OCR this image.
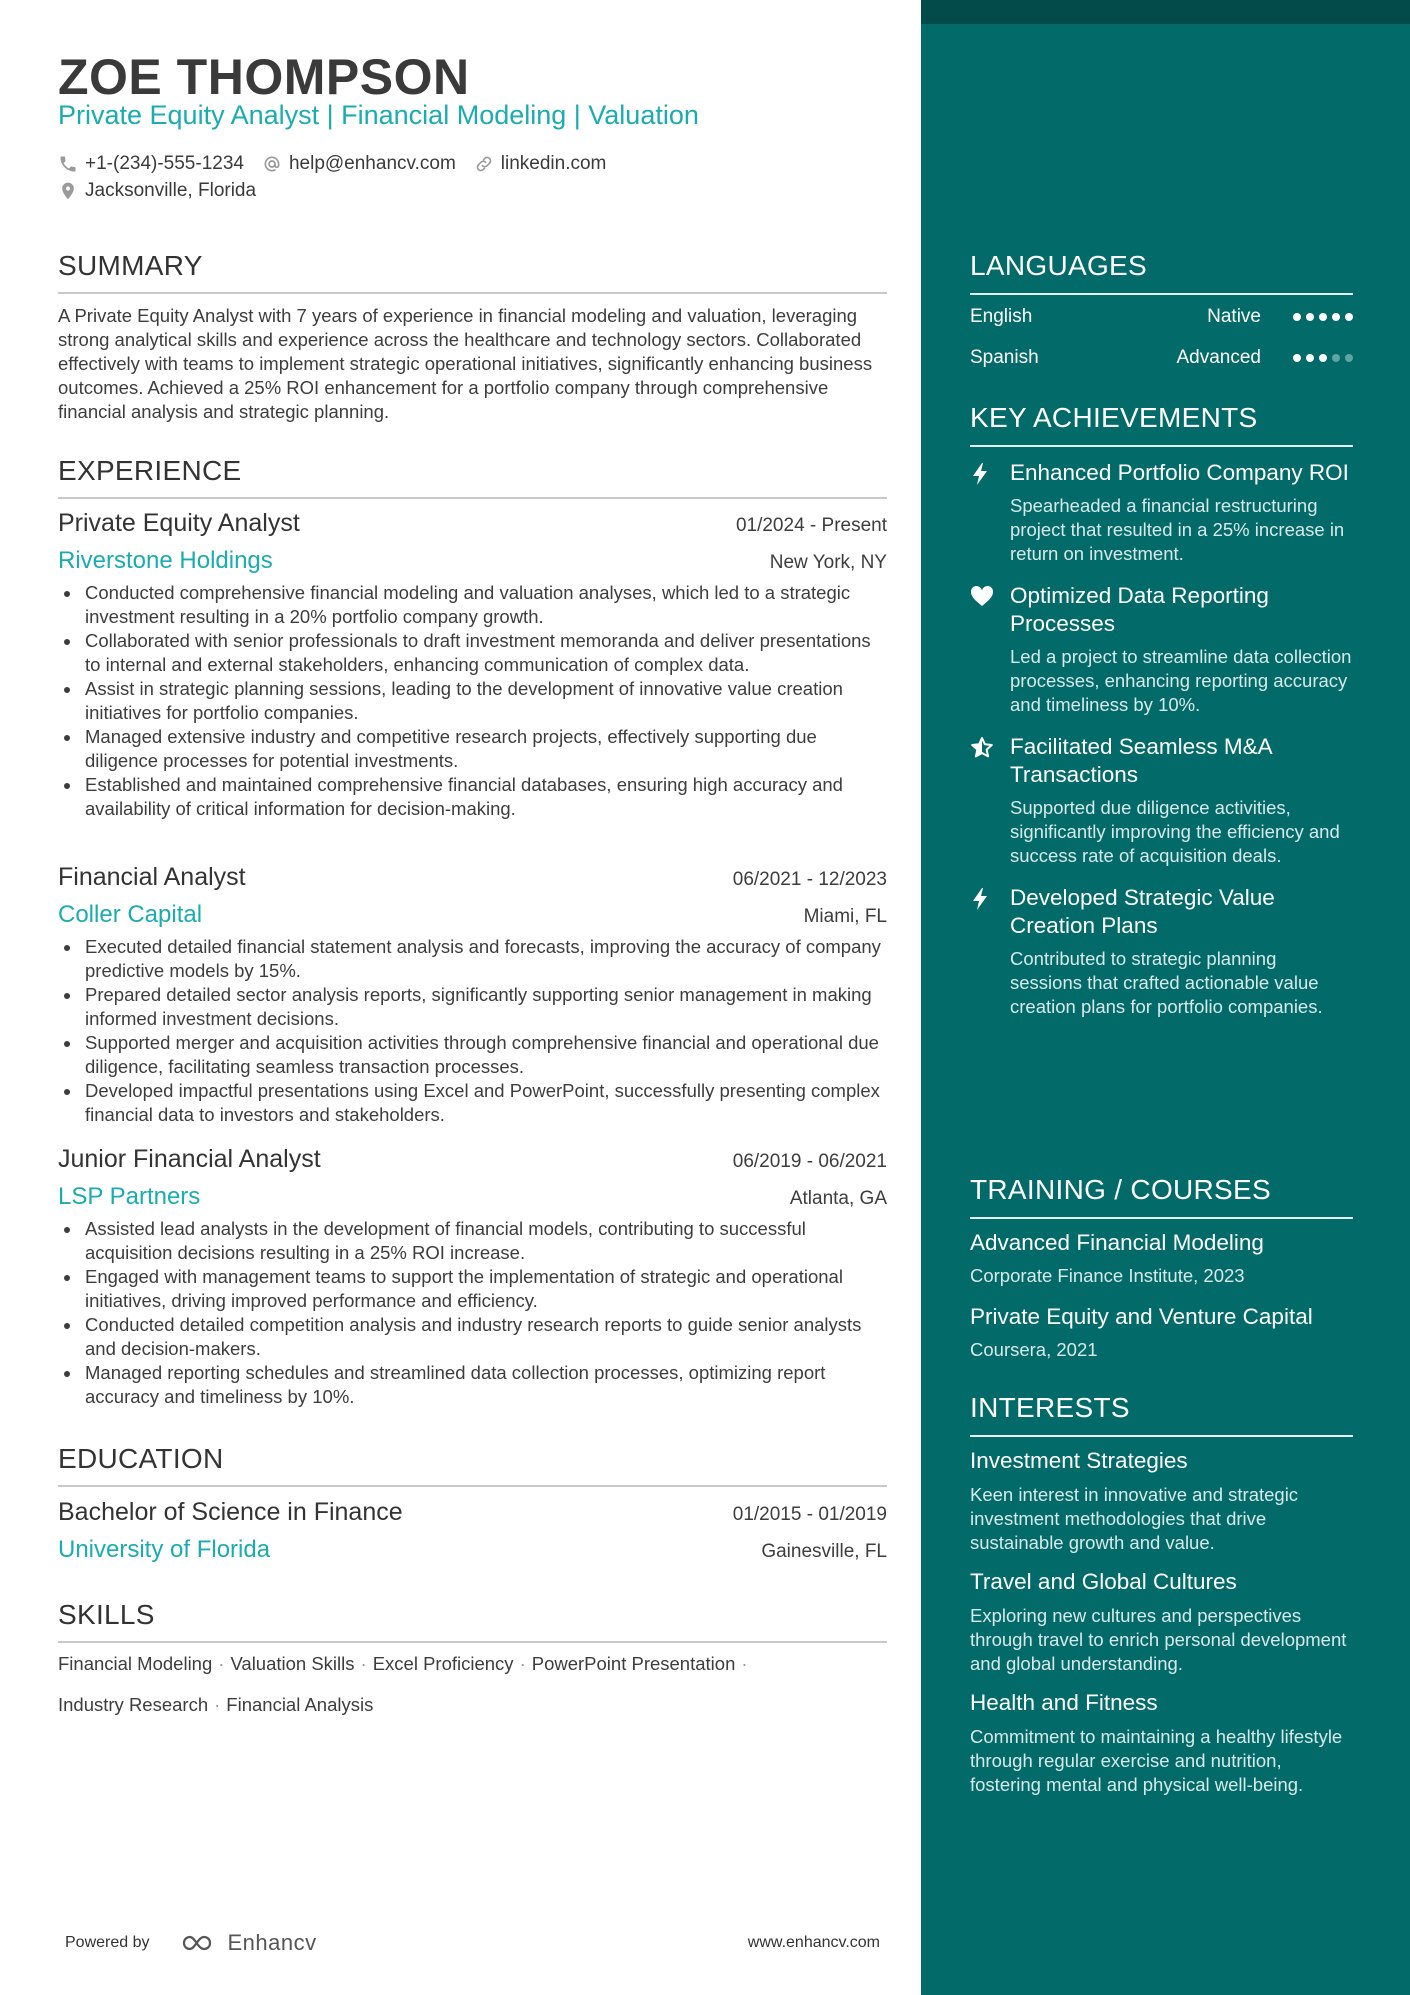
ZOE THOMPSON
Private Equity Analyst | Financial Modeling | Valuation
+1-(234)-555-1234 help@enhancv.com linkedin.com
Jacksonville, Florida
SUMMARY
A Private Equity Analyst with 7 years of experience in financial modeling and valuation, leveraging strong analytical skills and experience across the healthcare and technology sectors. Collaborated effectively with teams to implement strategic operational initiatives, significantly enhancing business outcomes. Achieved a 25% ROI enhancement for a portfolio company through comprehensive financial analysis and strategic planning.
EXPERIENCE
Private Equity Analyst	01/2024 - Present
Riverstone Holdings	New York, NY
Conducted comprehensive financial modeling and valuation analyses, which led to a strategic investment resulting in a 20% portfolio company growth.
Collaborated with senior professionals to draft investment memoranda and deliver presentations to internal and external stakeholders, enhancing communication of complex data.
Assist in strategic planning sessions, leading to the development of innovative value creation initiatives for portfolio companies.
Managed extensive industry and competitive research projects, effectively supporting due diligence processes for potential investments.
Established and maintained comprehensive financial databases, ensuring high accuracy and availability of critical information for decision-making.
Financial Analyst	06/2021 - 12/2023
Coller Capital	Miami, FL
Executed detailed financial statement analysis and forecasts, improving the accuracy of company predictive models by 15%.
Prepared detailed sector analysis reports, significantly supporting senior management in making informed investment decisions.
Supported merger and acquisition activities through comprehensive financial and operational due diligence, facilitating seamless transaction processes.
Developed impactful presentations using Excel and PowerPoint, successfully presenting complex financial data to investors and stakeholders.
Junior Financial Analyst	06/2019 - 06/2021
LSP Partners	Atlanta, GA
Assisted lead analysts in the development of financial models, contributing to successful acquisition decisions resulting in a 25% ROI increase.
Engaged with management teams to support the implementation of strategic and operational initiatives, driving improved performance and efficiency.
Conducted detailed competition analysis and industry research reports to guide senior analysts and decision-makers.
Managed reporting schedules and streamlined data collection processes, optimizing report accuracy and timeliness by 10%.
EDUCATION
Bachelor of Science in Finance	01/2015 - 01/2019
University of Florida	Gainesville, FL
SKILLS
Financial Modeling · Valuation Skills · Excel Proficiency · PowerPoint Presentation ·
Industry Research · Financial Analysis
Powered by	Enhancv	www.enhancv.com
LANGUAGES
English	Native
Spanish	Advanced
KEY ACHIEVEMENTS
Enhanced Portfolio Company ROI
Spearheaded a financial restructuring project that resulted in a 25% increase in return on investment.
Optimized Data Reporting Processes
Led a project to streamline data collection processes, enhancing reporting accuracy and timeliness by 10%.
Facilitated Seamless M&A Transactions
Supported due diligence activities, significantly improving the efficiency and success rate of acquisition deals.
Developed Strategic Value Creation Plans
Contributed to strategic planning sessions that crafted actionable value creation plans for portfolio companies.
TRAINING / COURSES
Advanced Financial Modeling
Corporate Finance Institute, 2023
Private Equity and Venture Capital
Coursera, 2021
INTERESTS
Investment Strategies
Keen interest in innovative and strategic investment methodologies that drive sustainable growth and value.
Travel and Global Cultures
Exploring new cultures and perspectives through travel to enrich personal development and global understanding.
Health and Fitness
Commitment to maintaining a healthy lifestyle through regular exercise and nutrition, fostering mental and physical well-being.
